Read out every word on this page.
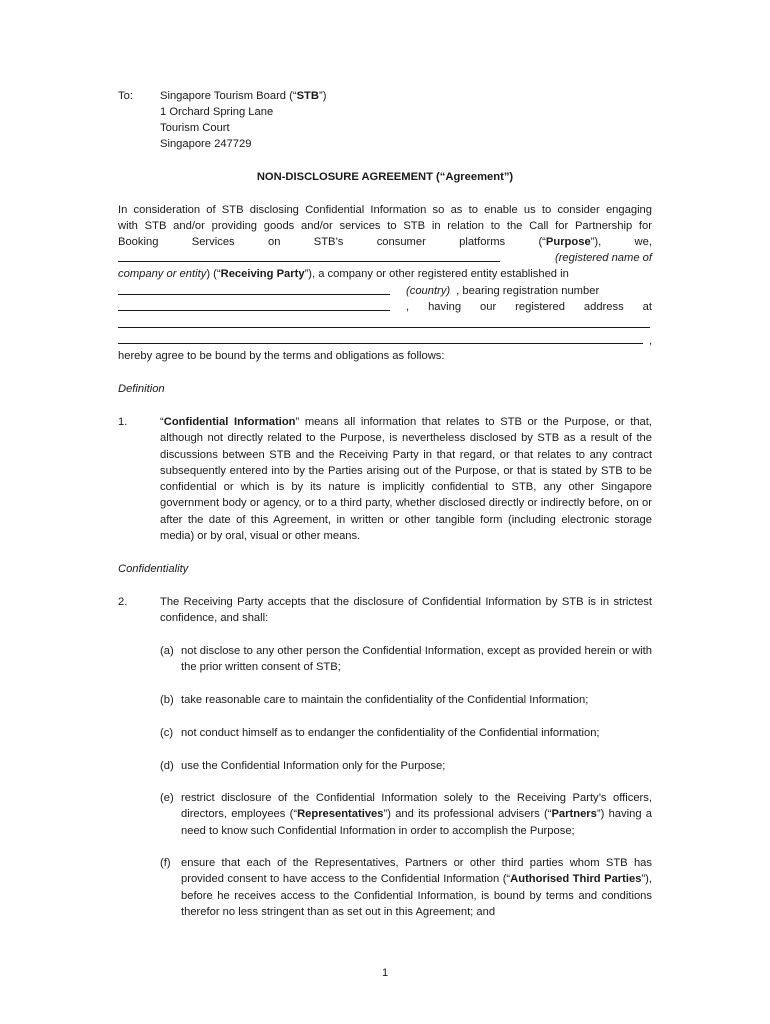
To: Singapore Tourism Board (“STB”)
1 Orchard Spring Lane
Tourism Court
Singapore 247729
NON-DISCLOSURE AGREEMENT (“Agreement”)
In consideration of STB disclosing Confidential Information so as to enable us to consider engaging
with STB and/or providing goods and/or services to STB in relation to the Call for Partnership for
Booking	Services	on	STB’s	consumer	platforms	(“Purpose”),	we,
(registered name of
company or entity) (“Receiving Party”), a company or other registered entity established in
(country) , bearing registration number
, having our registered address at
,
hereby agree to be bound by the terms and obligations as follows:
Definition
1.	“Confidential Information” means all information that relates to STB or the Purpose, or that, although not directly related to the Purpose, is nevertheless disclosed by STB as a result of the discussions between STB and the Receiving Party in that regard, or that relates to any contract subsequently entered into by the Parties arising out of the Purpose, or that is stated by STB to be confidential or which is by its nature is implicitly confidential to STB, any other Singapore government body or agency, or to a third party, whether disclosed directly or indirectly before, on or after the date of this Agreement, in written or other tangible form (including electronic storage media) or by oral, visual or other means.
Confidentiality
2.	The Receiving Party accepts that the disclosure of Confidential Information by STB is in strictest confidence, and shall:
(a) not disclose to any other person the Confidential Information, except as provided herein or with the prior written consent of STB;
(b) take reasonable care to maintain the confidentiality of the Confidential Information;
(c) not conduct himself as to endanger the confidentiality of the Confidential information;
(d) use the Confidential Information only for the Purpose;
(e) restrict disclosure of the Confidential Information solely to the Receiving Party’s officers, directors, employees (“Representatives”) and its professional advisers (“Partners”) having a need to know such Confidential Information in order to accomplish the Purpose;
(f) ensure that each of the Representatives, Partners or other third parties whom STB has provided consent to have access to the Confidential Information (“Authorised Third Parties”), before he receives access to the Confidential Information, is bound by terms and conditions therefor no less stringent than as set out in this Agreement; and
1
